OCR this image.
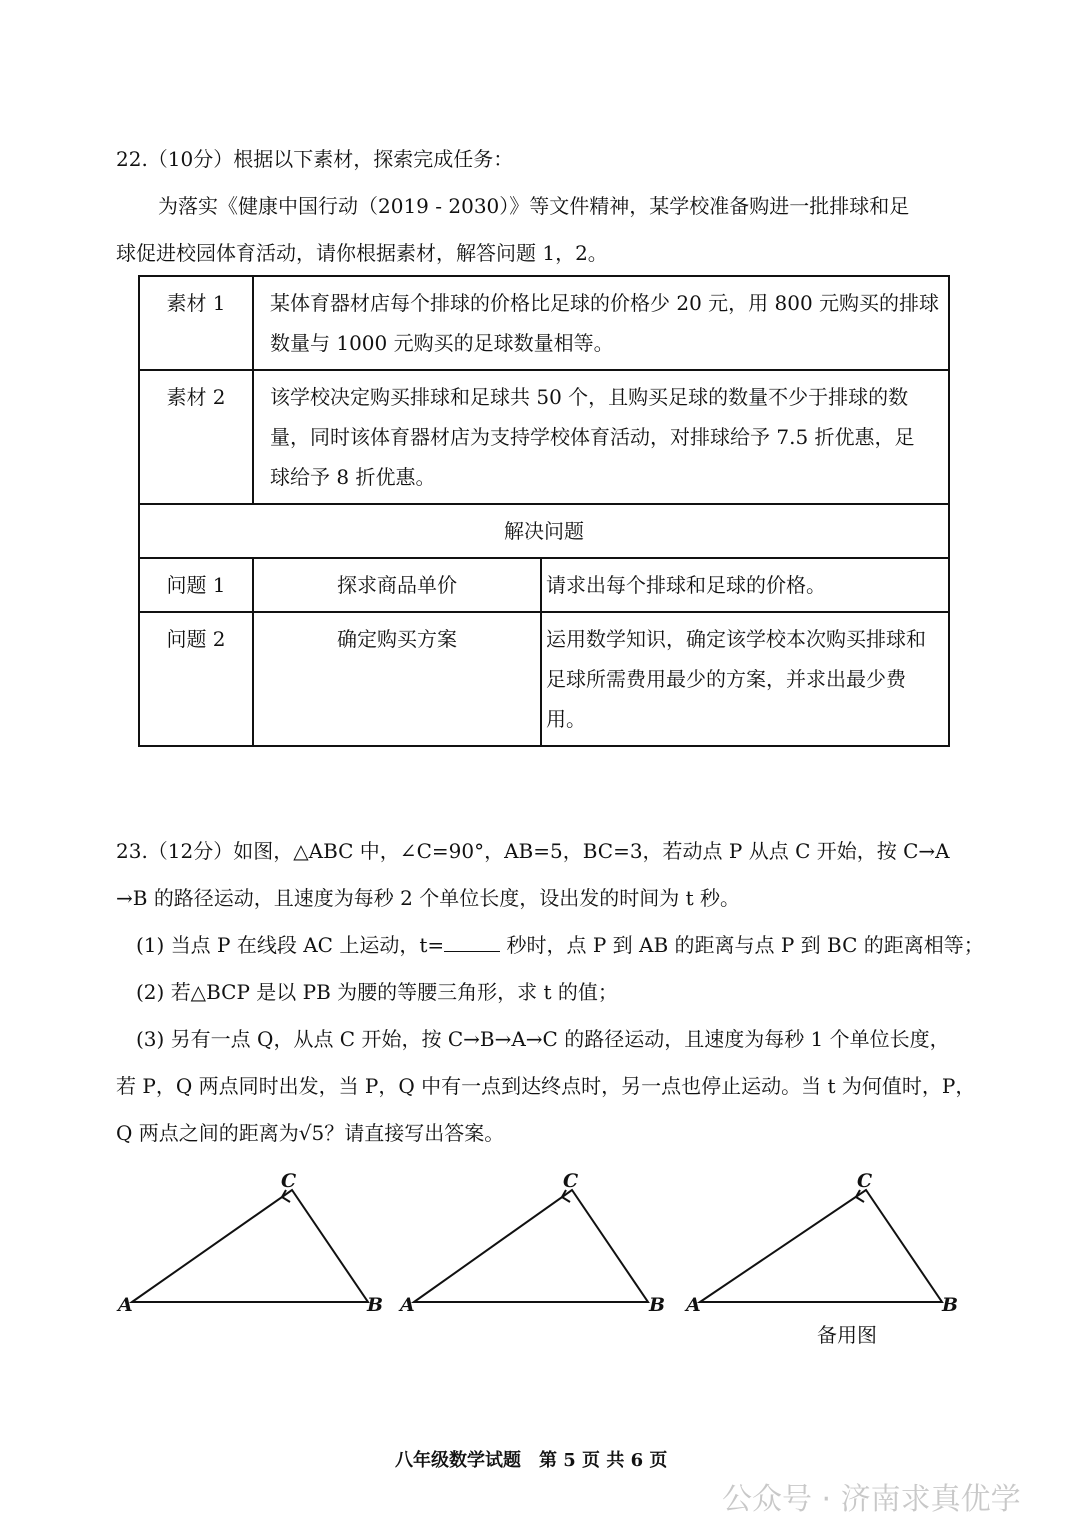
22.（10分）根据以下素材，探索完成任务：
为落实《健康中国行动（2019 - 2030）》等文件精神，某学校准备购进一批排球和足
球促进校园体育活动，请你根据素材，解答问题 1，2。
素材 1	某体育器材店每个排球的价格比足球的价格少 20 元，用 800 元购买的排球
数量与 1000 元购买的足球数量相等。	

素材 2	该学校决定购买排球和足球共 50 个，且购买足球的数量不少于排球的数
量，同时该体育器材店为支持学校体育活动，对排球给予 7.5 折优惠，足
球给予 8 折优惠。	

解决问题		
问题 1	探求商品单价	请求出每个排球和足球的价格。
问题 2	确定购买方案	运用数学知识，确定该学校本次购买排球和
足球所需费用最少的方案，并求出最少费用。
23.（12分）如图，△ABC 中，∠C=90°，AB=5，BC=3，若动点 P 从点 C 开始，按 C→A
→B 的路径运动，且速度为每秒 2 个单位长度，设出发的时间为 t 秒。
(1) 当点 P 在线段 AC 上运动，t=	秒时，点 P 到 AB 的距离与点 P 到 BC 的距离相等；
(2) 若△BCP 是以 PB 为腰的等腰三角形，求 t 的值；
(3) 另有一点 Q，从点 C 开始，按 C→B→A→C 的路径运动，且速度为每秒 1 个单位长度，
若 P，Q 两点同时出发，当 P，Q 中有一点到达终点时，另一点也停止运动。当 t 为何值时，P，
Q 两点之间的距离为√5？请直接写出答案。
A	B
C
A	B
C
A	B
C
备用图
八年级数学试题　第 5 页 共 6 页
公众号 · 济南求真优学
